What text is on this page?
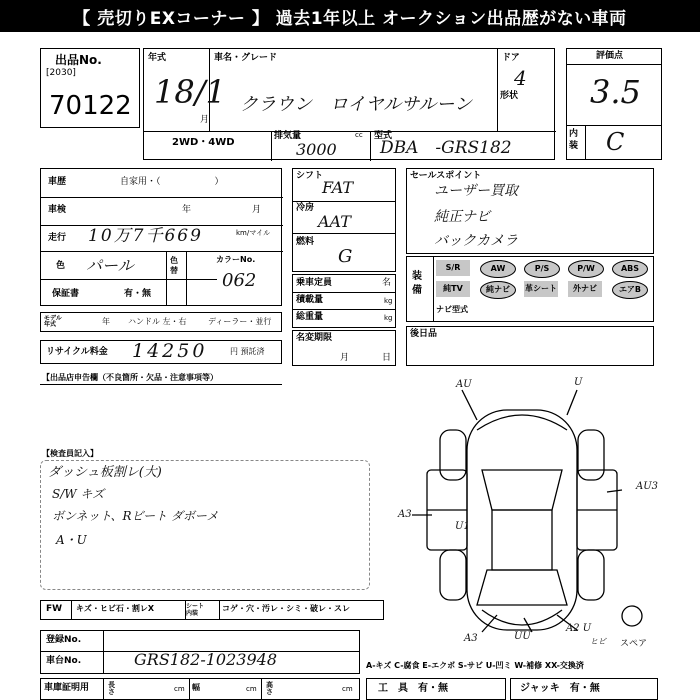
【 売切りEXコーナー 】 過去1年以上 オークション出品歴がない車両
出品No.
[2030]
70122
年式
18/1
月
車名・グレード
クラウン　ロイヤルサルーン
ドア
4
形状
2WD・4WD
排気量	cc
3000
型式
DBA　-GRS182
評価点
3.5
内装 C
車歴	自家用・（　　　　　　）
車検	年	月
走行 10万7千669	km/マイル
色 パール	色替
カラーNo.
062
保証書	有・無
モデル年式	年 ハンドル 左・右	ディーラー・並行
リサイクル料金 14250	円 預託済
シフト
FAT
冷房
AAT
燃料
G
乗車定員	名
積載量	kg
総重量	kg
名変期限
月	日
セールスポイント
ユーザー買取
純正ナビ
バックカメラ
装備
S/R	AW	P/S	P/W	ABS
純TV	純ナビ	革シート	外ナビ	エアB
ナビ型式
後日品
【出品店申告欄（不良箇所・欠品・注意事項等）
【検査員記入】
ダッシュ板割レ(大)
S/W キズ
ボンネット、Rビート ダボーメ
A・U
AU	U
AU3
A3
U1
A3	UU
A2 U
ヒビ スペア
FW キズ・ヒビ石・割レX	シート内装
コゲ・穴・汚レ・シミ・破レ・スレ
登録No.
車台No.	GRS182-1023948
車庫証明用	長さ	cm 幅	cm 高さ	cm
A-キズ C-腐食 E-エクボ S-サビ U-凹ミ W-補修 XX-交換済
工　具　有・無	ジャッキ　有・無
